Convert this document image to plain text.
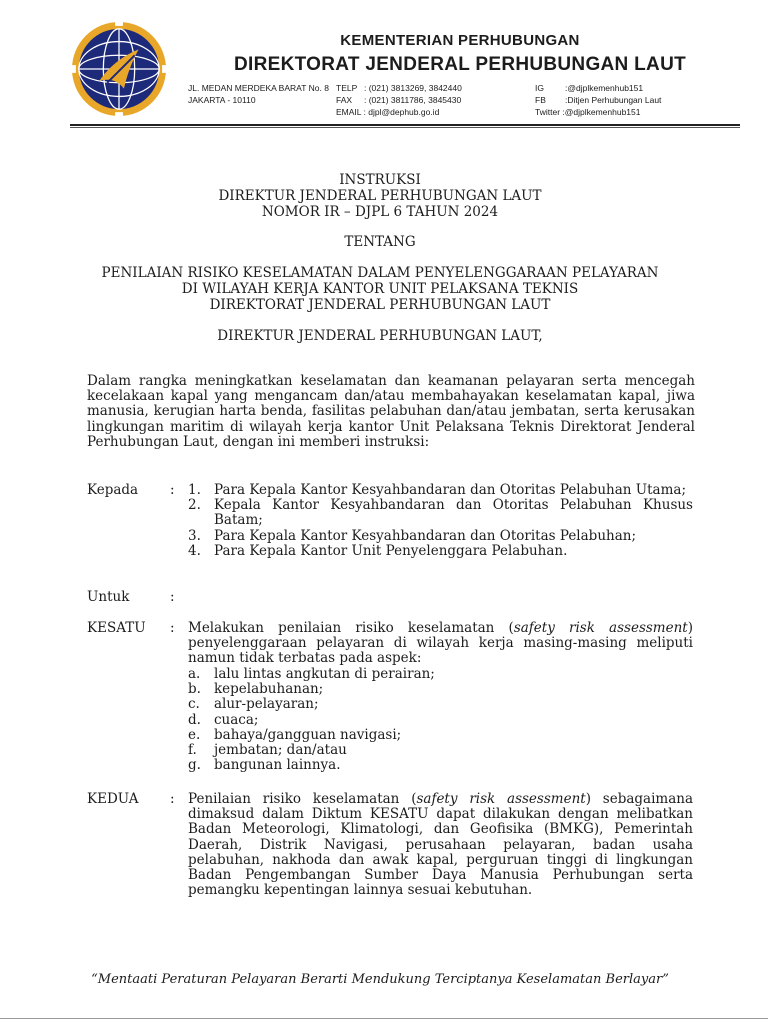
KEMENTERIAN PERHUBUNGAN
DIREKTORAT JENDERAL PERHUBUNGAN LAUT
JL. MEDAN MERDEKA BARAT No. 8
JAKARTA - 10110
TELP : (021) 3813269, 3842440
FAX : (021) 3811786, 3845430
EMAIL : djpl@dephub.go.id
IG :@djplkemenhub151
FB :Ditjen Perhubungan Laut
Twitter :@djplkemenhub151
INSTRUKSI
DIREKTUR JENDERAL PERHUBUNGAN LAUT
NOMOR IR – DJPL 6 TAHUN 2024
TENTANG
PENILAIAN RISIKO KESELAMATAN DALAM PENYELENGGARAAN PELAYARAN
DI WILAYAH KERJA KANTOR UNIT PELAKSANA TEKNIS
DIREKTORAT JENDERAL PERHUBUNGAN LAUT
DIREKTUR JENDERAL PERHUBUNGAN LAUT,
Dalam rangka meningkatkan keselamatan dan keamanan pelayaran serta mencegah kecelakaan kapal yang mengancam dan/atau membahayakan keselamatan kapal, jiwa manusia, kerugian harta benda, fasilitas pelabuhan dan/atau jembatan, serta kerusakan lingkungan maritim di wilayah kerja kantor Unit Pelaksana Teknis Direktorat Jenderal Perhubungan Laut, dengan ini memberi instruksi:
Kepada : 1. Para Kepala Kantor Kesyahbandaran dan Otoritas Pelabuhan Utama;
2. Kepala Kantor Kesyahbandaran dan Otoritas Pelabuhan Khusus Batam;
3. Para Kepala Kantor Kesyahbandaran dan Otoritas Pelabuhan;
4. Para Kepala Kantor Unit Penyelenggara Pelabuhan.
Untuk	:
KESATU : Melakukan penilaian risiko keselamatan (safety risk assessment) penyelenggaraan pelayaran di wilayah kerja masing-masing meliputi namun tidak terbatas pada aspek:
a. lalu lintas angkutan di perairan;
b. kepelabuhanan;
c. alur-pelayaran;
d. cuaca;
e. bahaya/gangguan navigasi;
f. jembatan; dan/atau
g. bangunan lainnya.
KEDUA : Penilaian risiko keselamatan (safety risk assessment) sebagaimana dimaksud dalam Diktum KESATU dapat dilakukan dengan melibatkan Badan Meteorologi, Klimatologi, dan Geofisika (BMKG), Pemerintah Daerah, Distrik Navigasi, perusahaan pelayaran, badan usaha pelabuhan, nakhoda dan awak kapal, perguruan tinggi di lingkungan Badan Pengembangan Sumber Daya Manusia Perhubungan serta pemangku kepentingan lainnya sesuai kebutuhan.
“Mentaati Peraturan Pelayaran Berarti Mendukung Terciptanya Keselamatan Berlayar”
